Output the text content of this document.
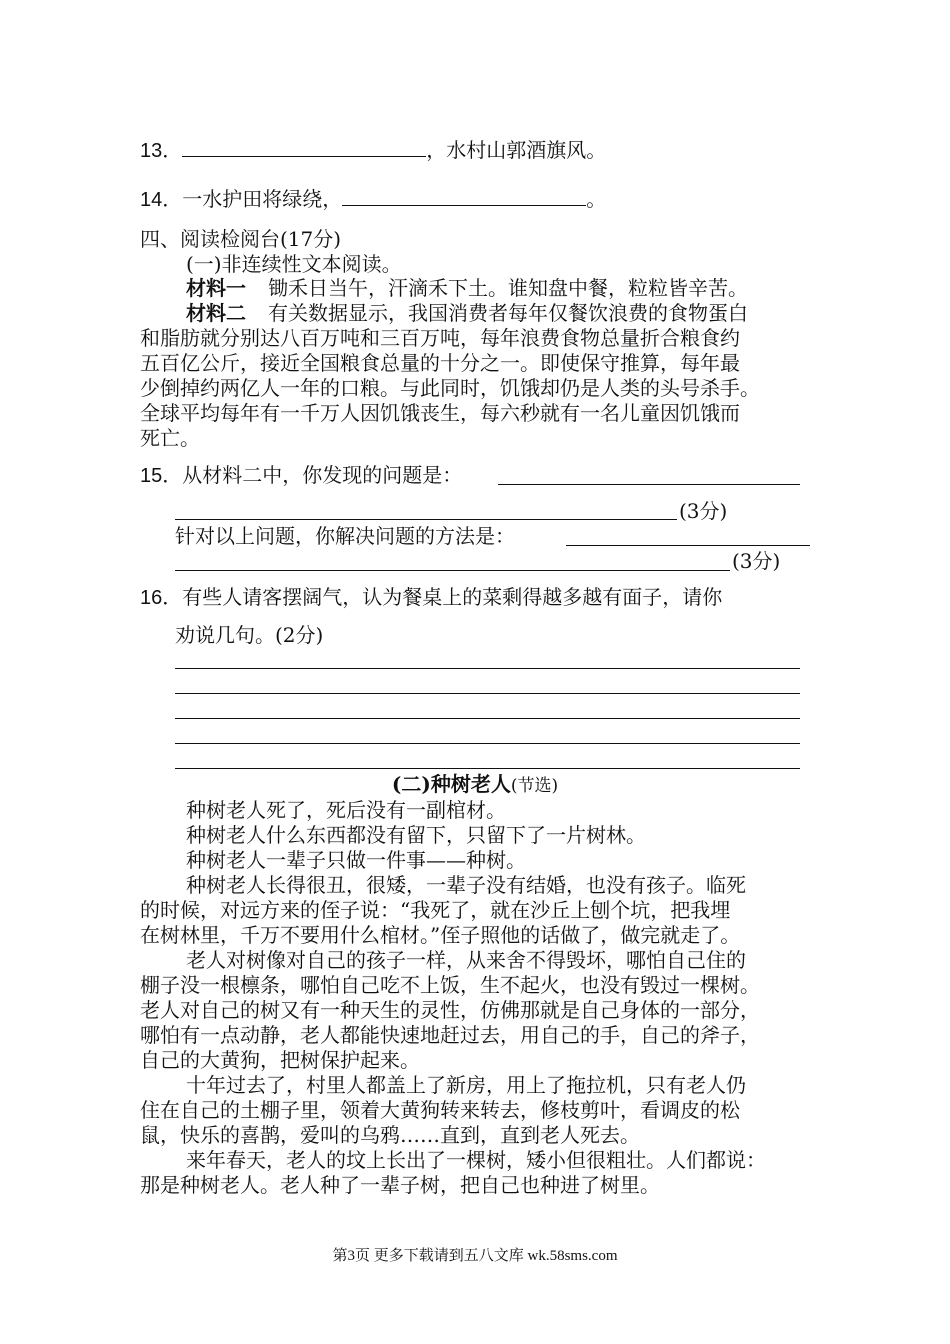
13．	，水村山郭酒旗风。
14．一水护田将绿绕，	。
四、阅读检阅台(17分)
(一)非连续性文本阅读。
材料一 锄禾日当午，汗滴禾下土。谁知盘中餐，粒粒皆辛苦。
材料二 有关数据显示，我国消费者每年仅餐饮浪费的食物蛋白
和脂肪就分别达八百万吨和三百万吨，每年浪费食物总量折合粮食约
五百亿公斤，接近全国粮食总量的十分之一。即使保守推算，每年最
少倒掉约两亿人一年的口粮。与此同时，饥饿却仍是人类的头号杀手。
全球平均每年有一千万人因饥饿丧生，每六秒就有一名儿童因饥饿而
死亡。
15．从材料二中，你发现的问题是：
(3分)
针对以上问题，你解决问题的方法是：
(3分)
16．有些人请客摆阔气，认为餐桌上的菜剩得越多越有面子，请你
劝说几句。(2分)
(二)种树老人(节选)
种树老人死了，死后没有一副棺材。
种树老人什么东西都没有留下，只留下了一片树林。
种树老人一辈子只做一件事——种树。
种树老人长得很丑，很矮，一辈子没有结婚，也没有孩子。临死
的时候，对远方来的侄子说：“我死了，就在沙丘上刨个坑，把我埋
在树林里，千万不要用什么棺材。”侄子照他的话做了，做完就走了。
老人对树像对自己的孩子一样，从来舍不得毁坏，哪怕自己住的
棚子没一根檩条，哪怕自己吃不上饭，生不起火，也没有毁过一棵树。
老人对自己的树又有一种天生的灵性，仿佛那就是自己身体的一部分，
哪怕有一点动静，老人都能快速地赶过去，用自己的手，自己的斧子，
自己的大黄狗，把树保护起来。
十年过去了，村里人都盖上了新房，用上了拖拉机，只有老人仍
住在自己的土棚子里，领着大黄狗转来转去，修枝剪叶，看调皮的松
鼠，快乐的喜鹊，爱叫的乌鸦……直到，直到老人死去。
来年春天，老人的坟上长出了一棵树，矮小但很粗壮。人们都说：
那是种树老人。老人种了一辈子树，把自己也种进了树里。
第3页 更多下载请到五八文库 wk.58sms.com
